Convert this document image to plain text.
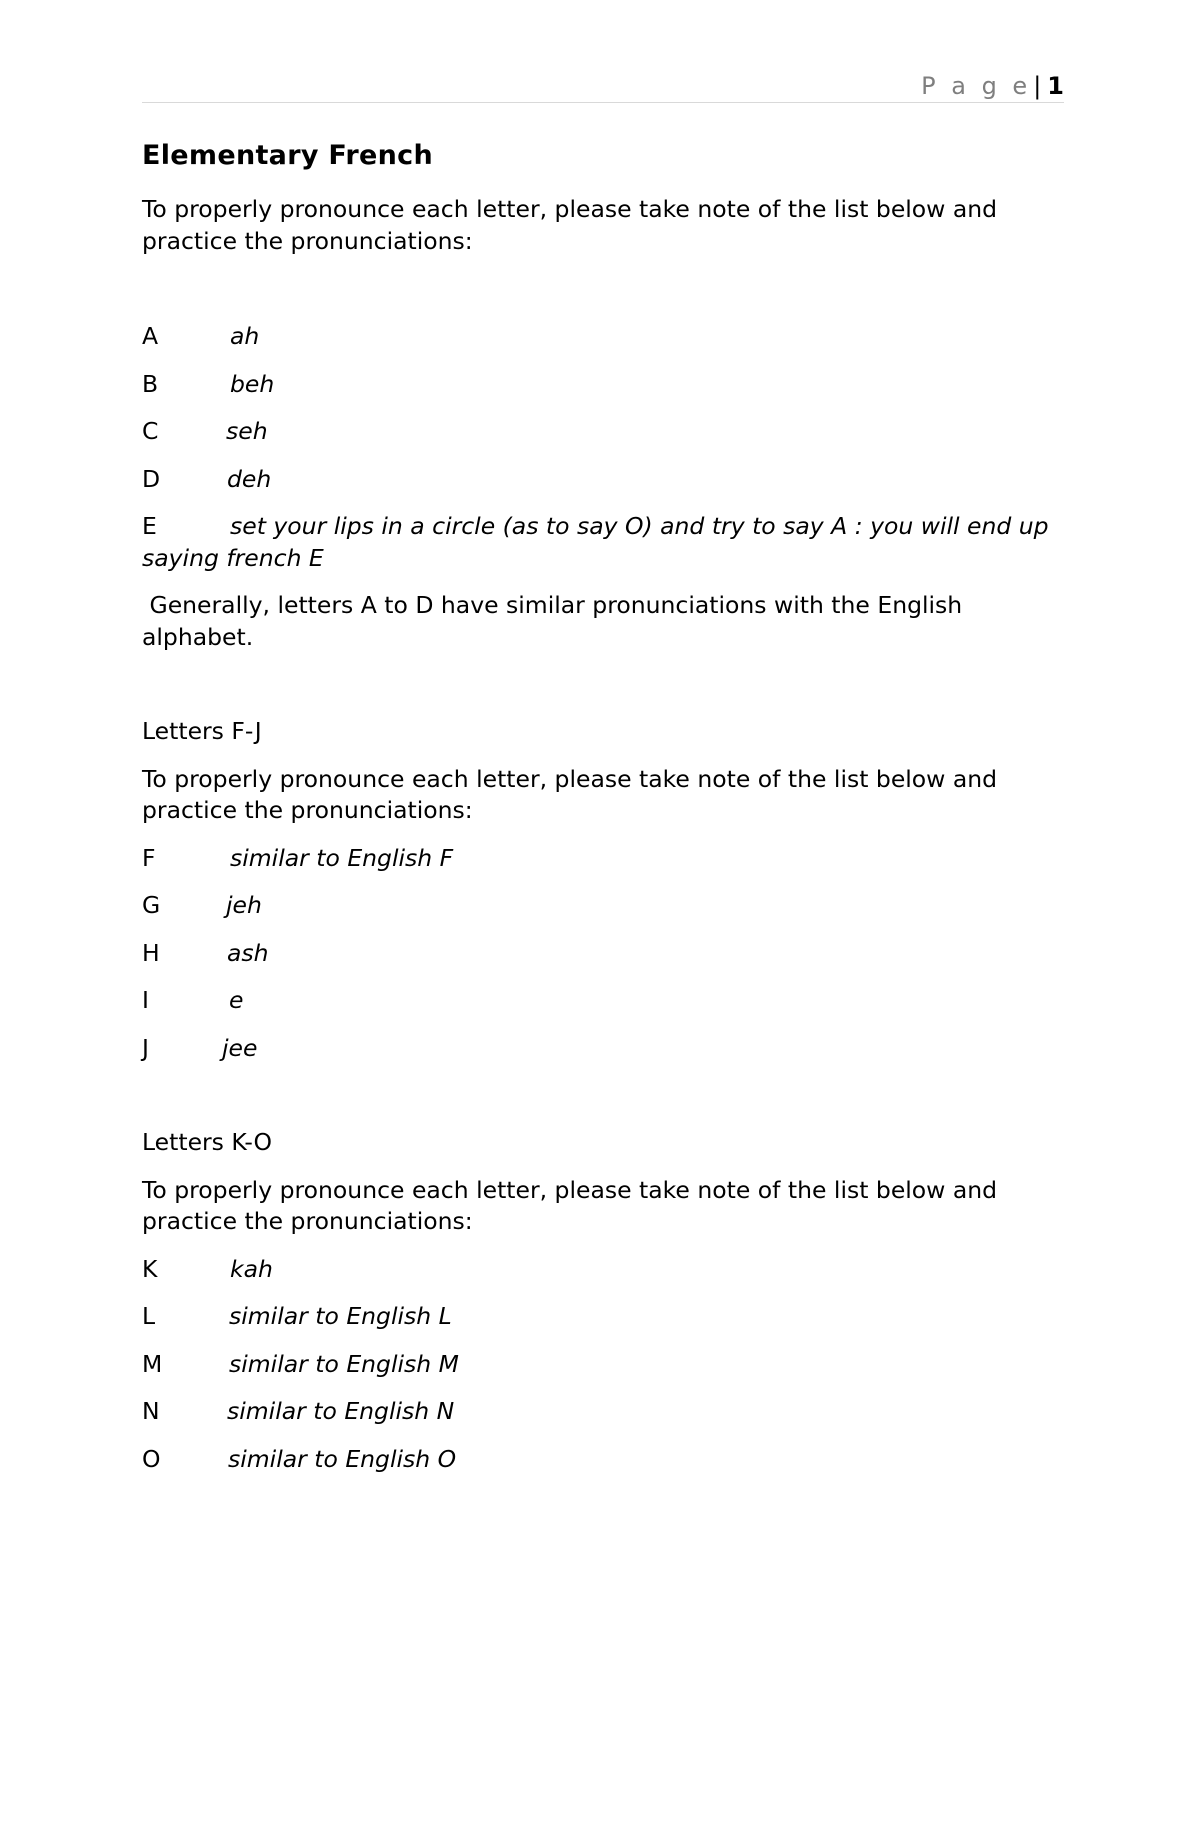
P a g e| 1
Elementary French
To properly pronounce each letter, please take note of the list below and practice the pronunciations:
A	ah
B	beh
C	seh
D	deh
E	set your lips in a circle (as to say O) and try to say A : you will end up saying french E
Generally, letters A to D have similar pronunciations with the English alphabet.
Letters F-J
To properly pronounce each letter, please take note of the list below and practice the pronunciations:
F	similar to English F
G	jeh
H	ash
I	e
J	jee
Letters K-O
To properly pronounce each letter, please take note of the list below and practice the pronunciations:
K	kah
L	similar to English L
M	similar to English M
N	similar to English N
O	similar to English O
